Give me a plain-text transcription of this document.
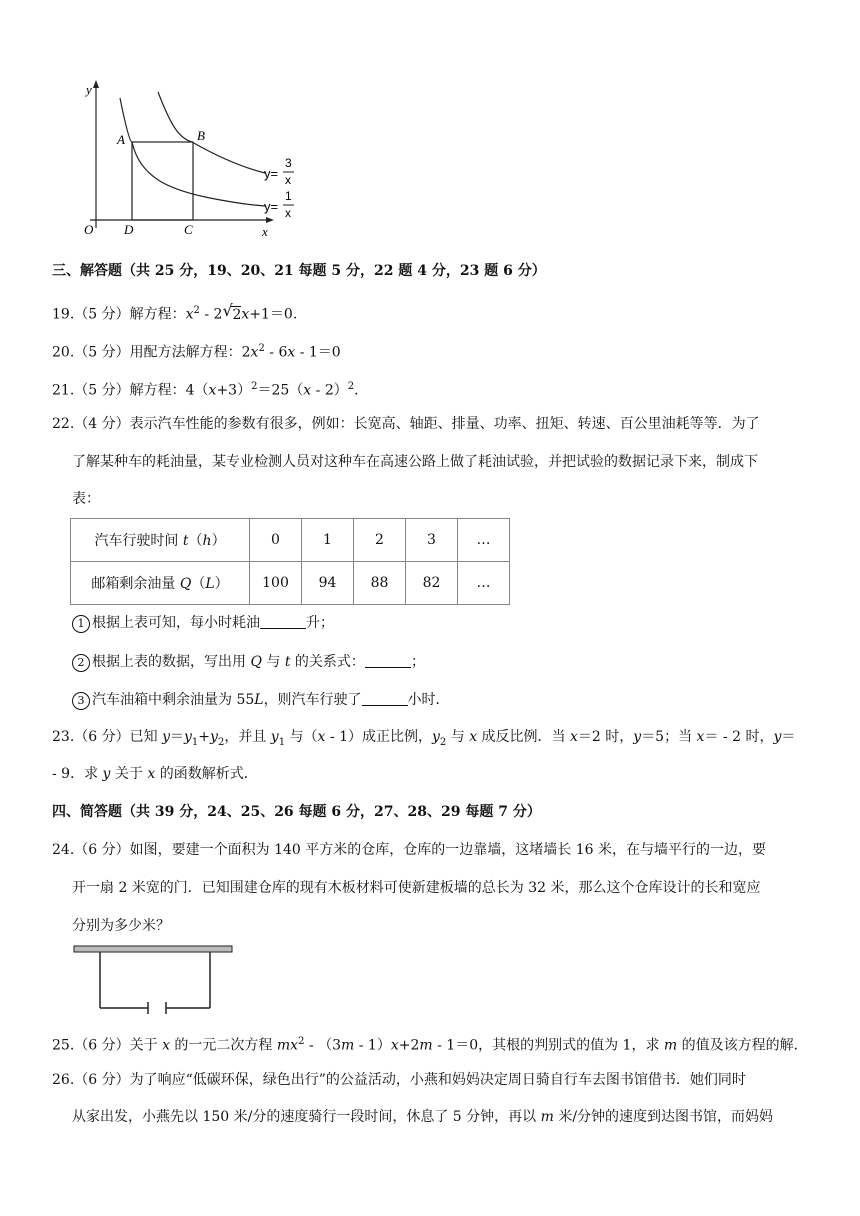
y
x
O
A	B
C
D
y=
3
x
y=
1
x
三、解答题（共 25 分，19、20、21 每题 5 分，22 题 4 分，23 题 6 分）
19.（5 分）解方程：$x^2 - 2$ √ 2x+1＝0.
20.（5 分）用配方法解方程：$2x^2 - 6x - 1=0$
21.（5 分）解方程：$4(x+3)^2=25(x - 2)^2$.
22.（4 分）表示汽车性能的参数有很多，例如：长宽高、轴距、排量、功率、扭矩、转速、百公里油耗等等．为了
了解某种车的耗油量，某专业检测人员对这种车在高速公路上做了耗油试验，并把试验的数据记录下来，制成下
表：
汽车行驶时间 t（h）	0	1	2	3	…
邮箱剩余油量 Q（L）	100	94	88	82	…
1 根据上表可知，每小时耗油	升；
2 根据上表的数据，写出用 Q 与 t 的关系式：	；
3 汽车油箱中剩余油量为 55L，则汽车行驶了	小时．
23.（6 分）已知 $y=y_1+y_2$，并且 $y_1$ 与（x - 1）成正比例，$y_2$ 与 x 成反比例．当 x＝2 时，y＝5；当 x＝ - 2 时，y＝
- 9．求 y 关于 x 的函数解析式．
四、简答题（共 39 分，24、25、26 每题 6 分，27、28、29 每题 7 分）
24.（6 分）如图，要建一个面积为 140 平方米的仓库，仓库的一边靠墙，这堵墙长 16 米，在与墙平行的一边，要
开一扇 2 米宽的门．已知围建仓库的现有木板材料可使新建板墙的总长为 32 米，那么这个仓库设计的长和宽应
分别为多少米？
25.（6 分）关于 x 的一元二次方程 $mx^2 - (3m - 1)x+2m - 1=0$，其根的判别式的值为 1，求 m 的值及该方程的解．
26.（6 分）为了响应“低碳环保，绿色出行”的公益活动，小燕和妈妈决定周日骑自行车去图书馆借书．她们同时
从家出发，小燕先以 150 米/分的速度骑行一段时间，休息了 5 分钟，再以 m 米/分钟的速度到达图书馆，而妈妈
